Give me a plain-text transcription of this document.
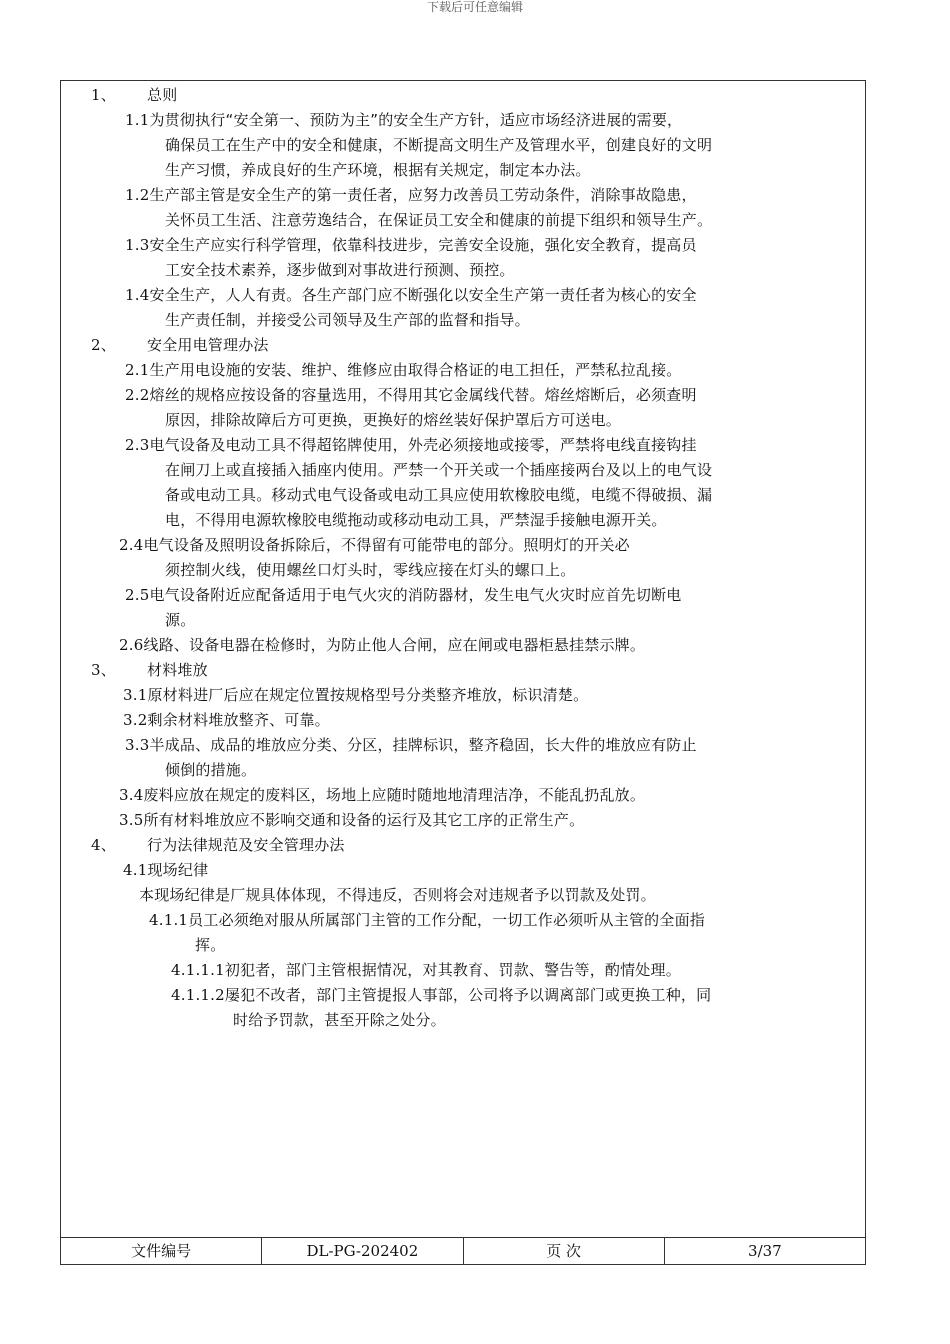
下载后可任意编辑
1、 总则
1.1为贯彻执行“安全第一、预防为主”的安全生产方针，适应市场经济进展的需要，
确保员工在生产中的安全和健康，不断提高文明生产及管理水平，创建良好的文明
生产习惯，养成良好的生产环境，根据有关规定，制定本办法。
1.2生产部主管是安全生产的第一责任者，应努力改善员工劳动条件，消除事故隐患，
关怀员工生活、注意劳逸结合，在保证员工安全和健康的前提下组织和领导生产。
1.3安全生产应实行科学管理，依靠科技进步，完善安全设施，强化安全教育，提高员
工安全技术素养，逐步做到对事故进行预测、预控。
1.4安全生产，人人有责。各生产部门应不断强化以安全生产第一责任者为核心的安全
生产责任制，并接受公司领导及生产部的监督和指导。
2、 安全用电管理办法
2.1生产用电设施的安装、维护、维修应由取得合格证的电工担任，严禁私拉乱接。
2.2熔丝的规格应按设备的容量选用，不得用其它金属线代替。熔丝熔断后，必须查明
原因，排除故障后方可更换，更换好的熔丝装好保护罩后方可送电。
2.3电气设备及电动工具不得超铭牌使用，外壳必须接地或接零，严禁将电线直接钩挂
在闸刀上或直接插入插座内使用。严禁一个开关或一个插座接两台及以上的电气设
备或电动工具。移动式电气设备或电动工具应使用软橡胶电缆，电缆不得破损、漏
电，不得用电源软橡胶电缆拖动或移动电动工具，严禁湿手接触电源开关。
2.4电气设备及照明设备拆除后，不得留有可能带电的部分。照明灯的开关必
须控制火线，使用螺丝口灯头时，零线应接在灯头的螺口上。
2.5电气设备附近应配备适用于电气火灾的消防器材，发生电气火灾时应首先切断电
源。
2.6线路、设备电器在检修时，为防止他人合闸，应在闸或电器柜悬挂禁示牌。
3、 材料堆放
3.1原材料进厂后应在规定位置按规格型号分类整齐堆放，标识清楚。
3.2剩余材料堆放整齐、可靠。
3.3半成品、成品的堆放应分类、分区，挂牌标识，整齐稳固，长大件的堆放应有防止
倾倒的措施。
3.4废料应放在规定的废料区，场地上应随时随地地清理洁净，不能乱扔乱放。
3.5所有材料堆放应不影响交通和设备的运行及其它工序的正常生产。
4、 行为法律规范及安全管理办法
4.1现场纪律
本现场纪律是厂规具体体现，不得违反，否则将会对违规者予以罚款及处罚。
4.1.1员工必须绝对服从所属部门主管的工作分配，一切工作必须听从主管的全面指
挥。
4.1.1.1初犯者，部门主管根据情况，对其教育、罚款、警告等，酌情处理。
4.1.1.2屡犯不改者，部门主管提报人事部，公司将予以调离部门或更换工种，同
时给予罚款，甚至开除之处分。
文件编号	DL-PG-202402	页 次	3/37
